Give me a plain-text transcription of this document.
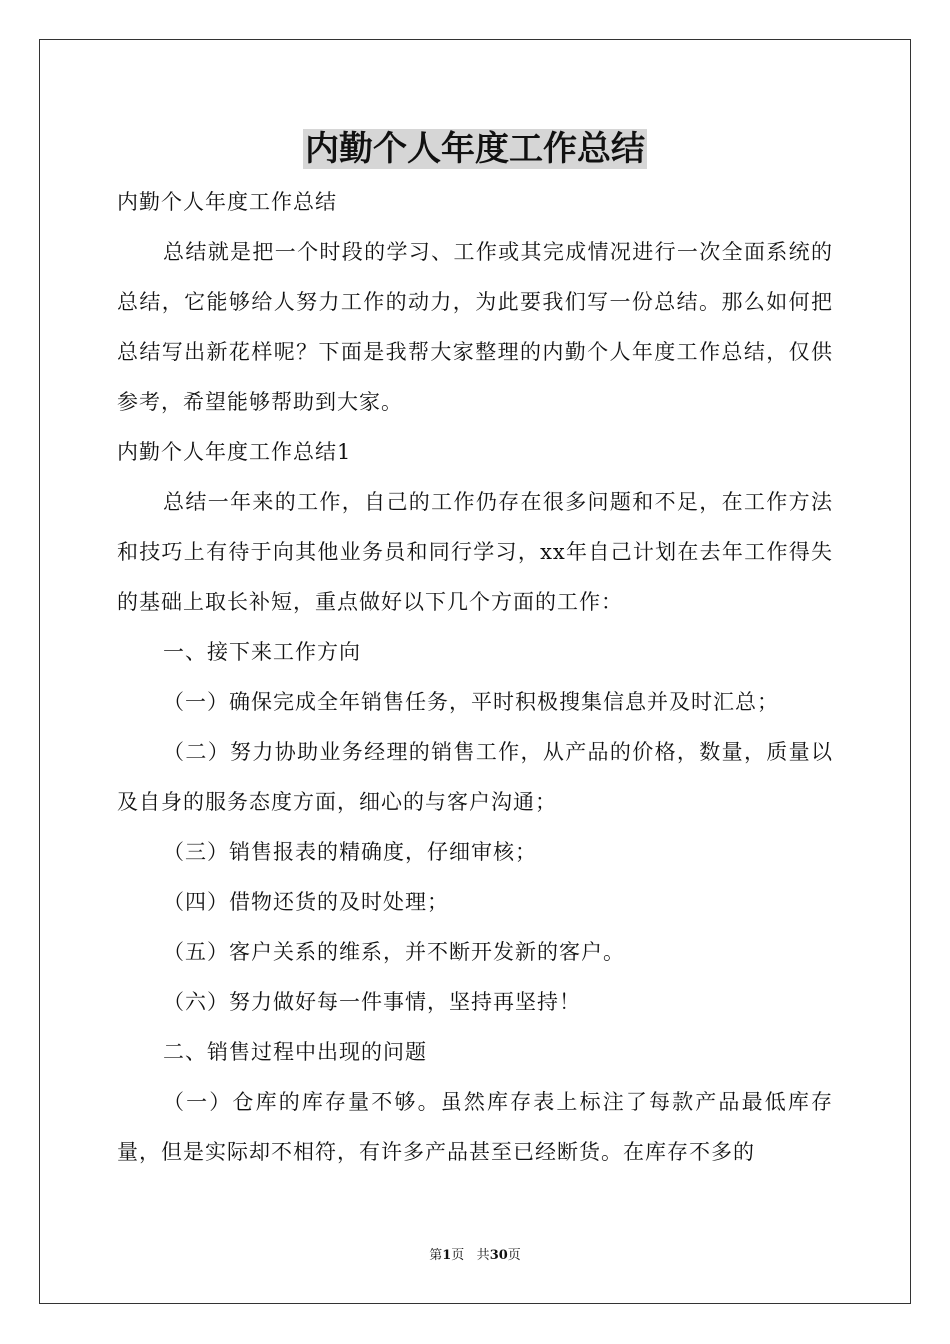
内勤个人年度工作总结

内勤个人年度工作总结

总结就是把一个时段的学习、工作或其完成情况进行一次全面系统的总结，它能够给人努力工作的动力，为此要我们写一份总结。那么如何把总结写出新花样呢？下面是我帮大家整理的内勤个人年度工作总结，仅供参考，希望能够帮助到大家。

内勤个人年度工作总结1

总结一年来的工作，自己的工作仍存在很多问题和不足，在工作方法和技巧上有待于向其他业务员和同行学习，xx年自己计划在去年工作得失的基础上取长补短，重点做好以下几个方面的工作：

一、接下来工作方向

（一）确保完成全年销售任务，平时积极搜集信息并及时汇总；

（二）努力协助业务经理的销售工作，从产品的价格，数量，质量以及自身的服务态度方面，细心的与客户沟通；

（三）销售报表的精确度，仔细审核；

（四）借物还货的及时处理；

（五）客户关系的维系，并不断开发新的客户。

（六）努力做好每一件事情，坚持再坚持！

二、销售过程中出现的问题

（一）仓库的库存量不够。虽然库存表上标注了每款产品最低库存量，但是实际却不相符，有许多产品甚至已经断货。在库存不多的

第1页 共30页
